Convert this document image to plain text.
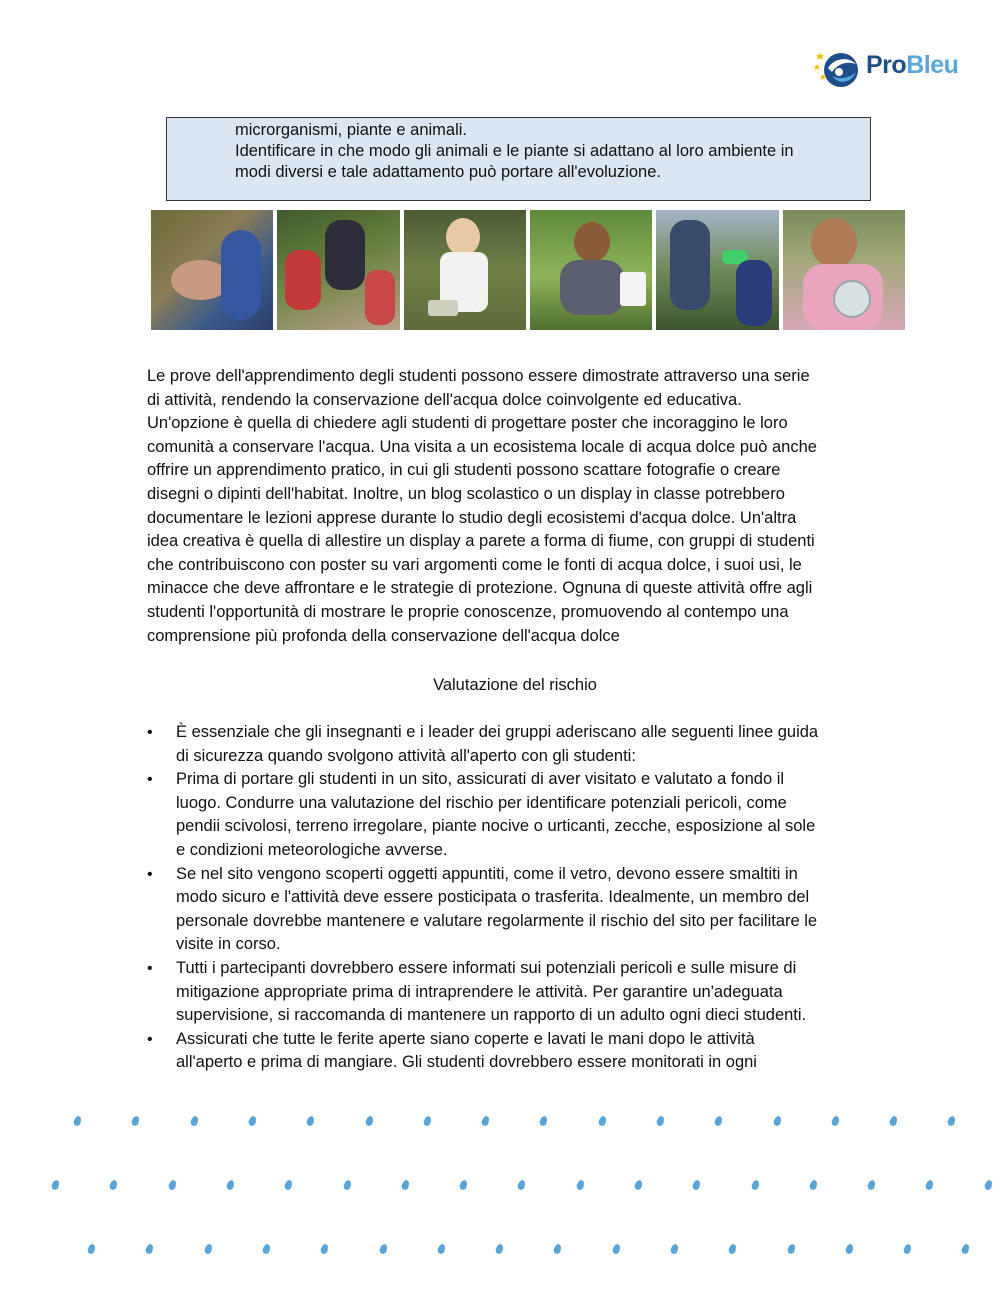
ProBleu
microrganismi, piante e animali.
Identificare in che modo gli animali e le piante si adattano al loro ambiente in
modi diversi e tale adattamento può portare all'evoluzione.
Le prove dell'apprendimento degli studenti possono essere dimostrate attraverso una serie
di attività, rendendo la conservazione dell'acqua dolce coinvolgente ed educativa.
Un'opzione è quella di chiedere agli studenti di progettare poster che incoraggino le loro
comunità a conservare l'acqua. Una visita a un ecosistema locale di acqua dolce può anche
offrire un apprendimento pratico, in cui gli studenti possono scattare fotografie o creare
disegni o dipinti dell'habitat. Inoltre, un blog scolastico o un display in classe potrebbero
documentare le lezioni apprese durante lo studio degli ecosistemi d'acqua dolce. Un'altra
idea creativa è quella di allestire un display a parete a forma di fiume, con gruppi di studenti
che contribuiscono con poster su vari argomenti come le fonti di acqua dolce, i suoi usi, le
minacce che deve affrontare e le strategie di protezione. Ognuna di queste attività offre agli
studenti l'opportunità di mostrare le proprie conoscenze, promuovendo al contempo una
comprensione più profonda della conservazione dell'acqua dolce
Valutazione del rischio
• È essenziale che gli insegnanti e i leader dei gruppi aderiscano alle seguenti linee guida
di sicurezza quando svolgono attività all'aperto con gli studenti:
• Prima di portare gli studenti in un sito, assicurati di aver visitato e valutato a fondo il
luogo. Condurre una valutazione del rischio per identificare potenziali pericoli, come
pendii scivolosi, terreno irregolare, piante nocive o urticanti, zecche, esposizione al sole
e condizioni meteorologiche avverse.
• Se nel sito vengono scoperti oggetti appuntiti, come il vetro, devono essere smaltiti in
modo sicuro e l'attività deve essere posticipata o trasferita. Idealmente, un membro del
personale dovrebbe mantenere e valutare regolarmente il rischio del sito per facilitare le
visite in corso.
• Tutti i partecipanti dovrebbero essere informati sui potenziali pericoli e sulle misure di
mitigazione appropriate prima di intraprendere le attività. Per garantire un'adeguata
supervisione, si raccomanda di mantenere un rapporto di un adulto ogni dieci studenti.
• Assicurati che tutte le ferite aperte siano coperte e lavati le mani dopo le attività
all'aperto e prima di mangiare. Gli studenti dovrebbero essere monitorati in ogni
